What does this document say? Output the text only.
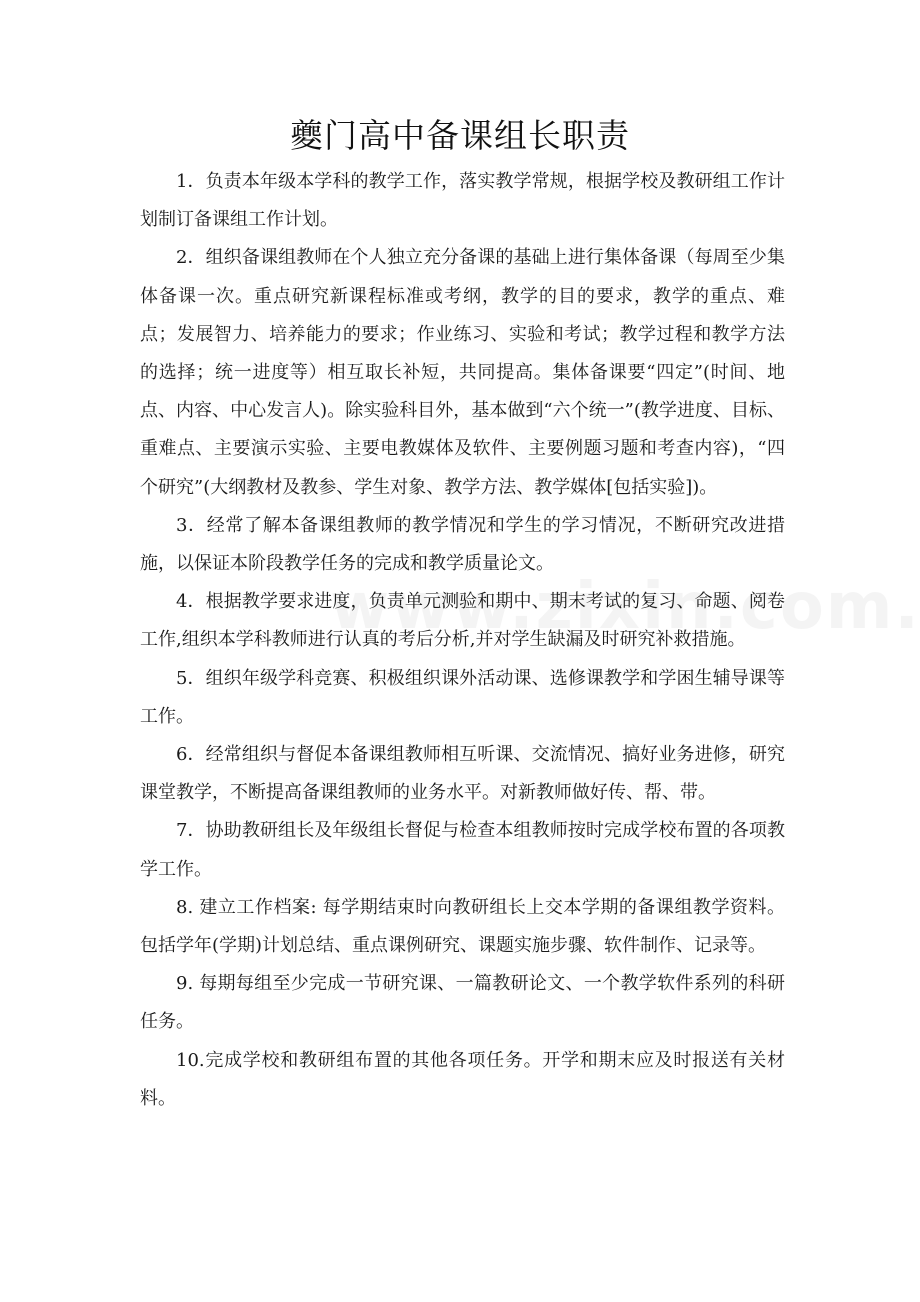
夔门高中备课组长职责

1．负责本年级本学科的教学工作，落实教学常规，根据学校及教研组工作计划制订备课组工作计划。

2．组织备课组教师在个人独立充分备课的基础上进行集体备课（每周至少集体备课一次。重点研究新课程标准或考纲，教学的目的要求，教学的重点、难点；发展智力、培养能力的要求；作业练习、实验和考试；教学过程和教学方法的选择；统一进度等）相互取长补短，共同提高。集体备课要“四定”(时间、地点、内容、中心发言人)。除实验科目外，基本做到“六个统一”(教学进度、目标、重难点、主要演示实验、主要电教媒体及软件、主要例题习题和考查内容)，“四个研究”(大纲教材及教参、学生对象、教学方法、教学媒体[包括实验])。

3．经常了解本备课组教师的教学情况和学生的学习情况，不断研究改进措施，以保证本阶段教学任务的完成和教学质量论文。

4．根据教学要求进度，负责单元测验和期中、期末考试的复习、命题、阅卷工作,组织本学科教师进行认真的考后分析,并对学生缺漏及时研究补救措施。

5．组织年级学科竞赛、积极组织课外活动课、选修课教学和学困生辅导课等工作。

6．经常组织与督促本备课组教师相互听课、交流情况、搞好业务进修，研究课堂教学，不断提高备课组教师的业务水平。对新教师做好传、帮、带。

7．协助教研组长及年级组长督促与检查本组教师按时完成学校布置的各项教学工作。

8. 建立工作档案: 每学期结束时向教研组长上交本学期的备课组教学资料。包括学年(学期)计划总结、重点课例研究、课题实施步骤、软件制作、记录等。

9. 每期每组至少完成一节研究课、一篇教研论文、一个教学软件系列的科研任务。

10.完成学校和教研组布置的其他各项任务。开学和期末应及时报送有关材料。
